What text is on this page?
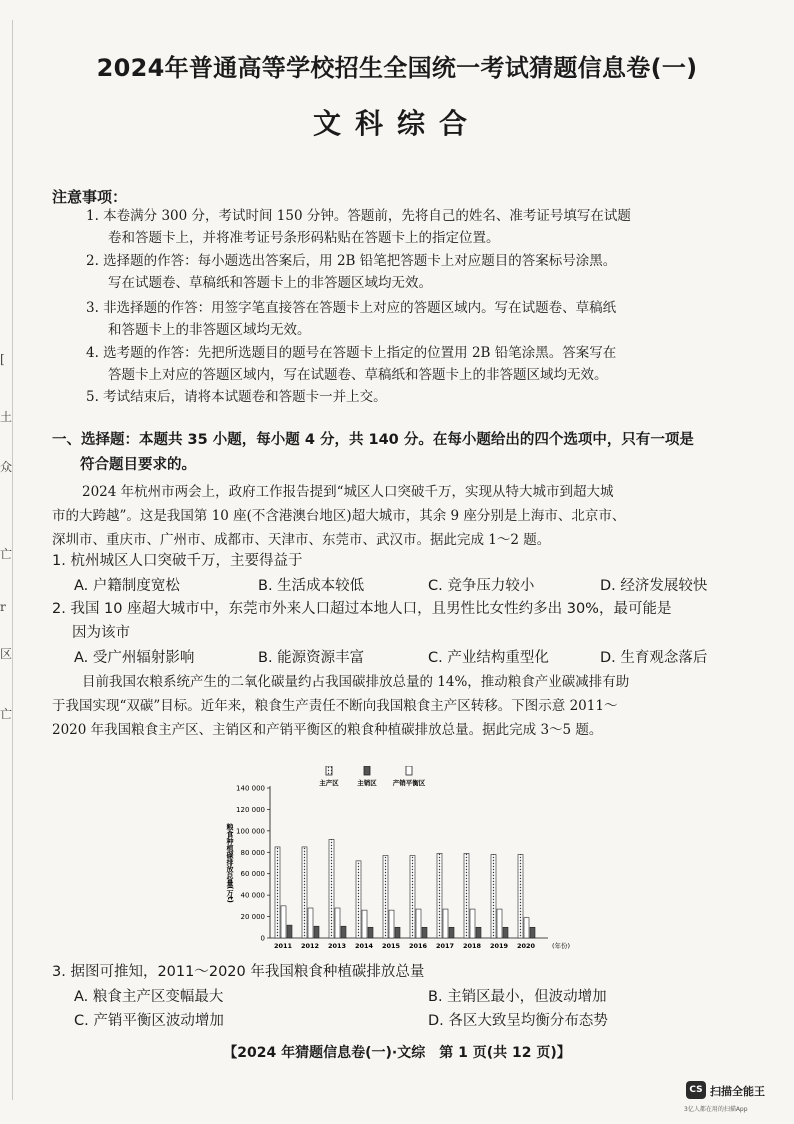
[
土
众
亡
r
区
亡
2024年普通高等学校招生全国统一考试猜题信息卷(一)
文科综合
注意事项：
1. 本卷满分 300 分，考试时间 150 分钟。答题前，先将自己的姓名、准考证号填写在试题
卷和答题卡上，并将准考证号条形码粘贴在答题卡上的指定位置。
2. 选择题的作答：每小题选出答案后，用 2B 铅笔把答题卡上对应题目的答案标号涂黑。
写在试题卷、草稿纸和答题卡上的非答题区域均无效。
3. 非选择题的作答：用签字笔直接答在答题卡上对应的答题区域内。写在试题卷、草稿纸
和答题卡上的非答题区域均无效。
4. 选考题的作答：先把所选题目的题号在答题卡上指定的位置用 2B 铅笔涂黑。答案写在
答题卡上对应的答题区域内，写在试题卷、草稿纸和答题卡上的非答题区域均无效。
5. 考试结束后，请将本试题卷和答题卡一并上交。
一、选择题：本题共 35 小题，每小题 4 分，共 140 分。在每小题给出的四个选项中，只有一项是
符合题目要求的。
2024 年杭州市两会上，政府工作报告提到“城区人口突破千万，实现从特大城市到超大城
市的大跨越”。这是我国第 10 座(不含港澳台地区)超大城市，其余 9 座分别是上海市、北京市、
深圳市、重庆市、广州市、成都市、天津市、东莞市、武汉市。据此完成 1～2 题。
1. 杭州城区人口突破千万，主要得益于
A. 户籍制度宽松	B. 生活成本较低	C. 竞争压力较小	D. 经济发展较快
2. 我国 10 座超大城市中，东莞市外来人口超过本地人口，且男性比女性约多出 30%，最可能是
因为该市
A. 受广州辐射影响	B. 能源资源丰富	C. 产业结构重型化	D. 生育观念落后
目前我国农粮系统产生的二氧化碳量约占我国碳排放总量的 14%，推动粮食产业碳减排有助
于我国实现“双碳”目标。近年来，粮食生产责任不断向我国粮食主产区转移。下图示意 2011～
2020 年我国粮食主产区、主销区和产销平衡区的粮食种植碳排放总量。据此完成 3～5 题。
主产区	主销区 产销平衡区
0
20 000
40 000
60 000
80 000
100 000
120 000
140 000
粮食种植碳排放总量(万t)
2011 2012 2013 2014 2015 2016 2017 2018 2019 2020	(年份)
3. 据图可推知，2011～2020 年我国粮食种植碳排放总量
A. 粮食主产区变幅最大	B. 主销区最小，但波动增加
C. 产销平衡区波动增加	D. 各区大致呈均衡分布态势
【2024 年猜题信息卷(一)·文综　第 1 页(共 12 页)】
CS 扫描全能王
3亿人都在用的扫描App
